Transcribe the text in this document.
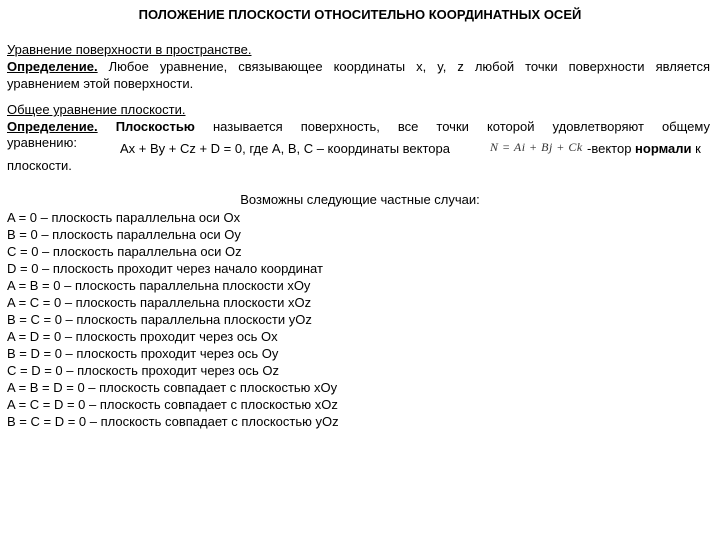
ПОЛОЖЕНИЕ ПЛОСКОСТИ ОТНОСИТЕЛЬНО КООРДИНАТНЫХ ОСЕЙ
Уравнение поверхности в пространстве.
Определение. Любое уравнение, связывающее координаты x, y, z любой точки поверхности является
уравнением этой поверхности.
Общее уравнение плоскости.
Определение. Плоскостью называется поверхность, все точки которой удовлетворяют общему
уравнению:	Ax + By + Cz + D = 0, где А, В, С – координаты вектора	N = Ai + Bj + Ck -вектор нормали к
плоскости.
Возможны следующие частные случаи:
A = 0 – плоскость параллельна оси Ox
B = 0 – плоскость параллельна оси Oy
C = 0 – плоскость параллельна оси Oz
D = 0 – плоскость проходит через начало координат
A = B = 0 – плоскость параллельна плоскости xOy
A = C = 0 – плоскость параллельна плоскости xOz
B = C = 0 – плоскость параллельна плоскости yOz
A = D = 0 – плоскость проходит через ось Ox
B = D = 0 – плоскость проходит через ось Oy
C = D = 0 – плоскость проходит через ось Oz
A = B = D = 0 – плоскость совпадает с плоскостью xOy
A = C = D = 0 – плоскость совпадает с плоскостью xOz
B = C = D = 0 – плоскость совпадает с плоскостью yOz
